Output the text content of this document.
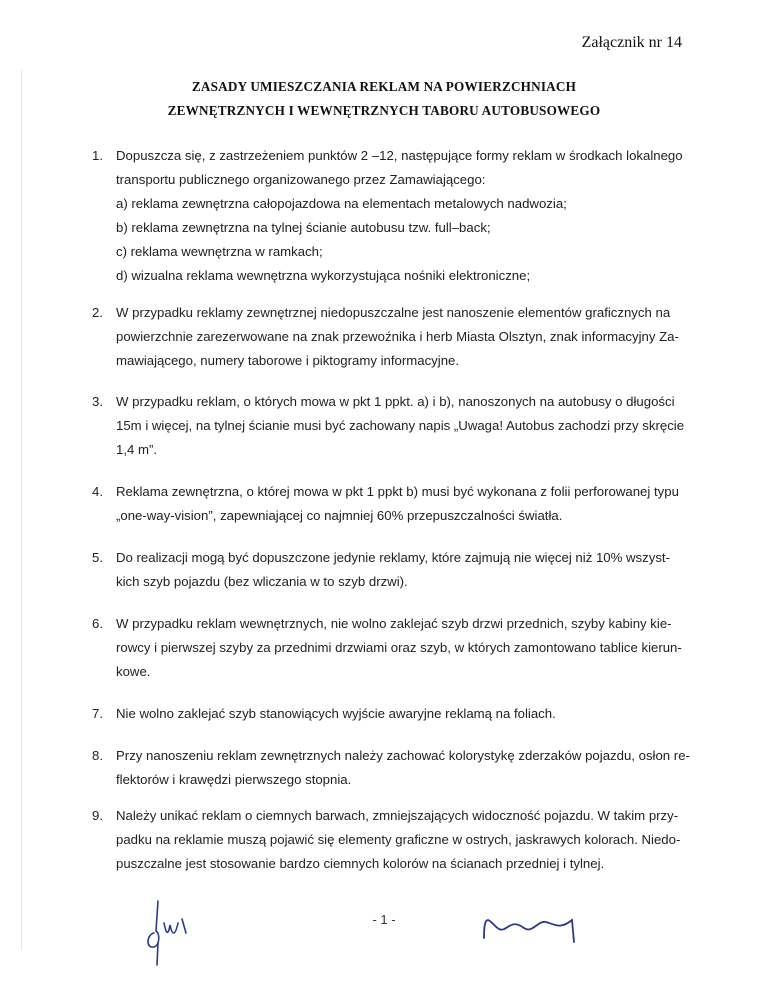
Załącznik nr 14
ZASADY UMIESZCZANIA REKLAM NA POWIERZCHNIACH
ZEWNĘTRZNYCH I WEWNĘTRZNYCH TABORU AUTOBUSOWEGO
1. Dopuszcza się, z zastrzeżeniem punktów 2 –12, następujące formy reklam w środkach lokalnego
transportu publicznego organizowanego przez Zamawiającego:
a) reklama zewnętrzna całopojazdowa na elementach metalowych nadwozia;
b) reklama zewnętrzna na tylnej ścianie autobusu tzw. full–back;
c) reklama wewnętrzna w ramkach;
d) wizualna reklama wewnętrzna wykorzystująca nośniki elektroniczne;
2. W przypadku reklamy zewnętrznej niedopuszczalne jest nanoszenie elementów graficznych na
powierzchnie zarezerwowane na znak przewoźnika i herb Miasta Olsztyn, znak informacyjny Za-
mawiającego, numery taborowe i piktogramy informacyjne.
3. W przypadku reklam, o których mowa w pkt 1 ppkt. a) i b), nanoszonych na autobusy o długości
15m i więcej, na tylnej ścianie musi być zachowany napis „Uwaga! Autobus zachodzi przy skręcie
1,4 m”.
4. Reklama zewnętrzna, o której mowa w pkt 1 ppkt b) musi być wykonana z folii perforowanej typu
„one-way-vision”, zapewniającej co najmniej 60% przepuszczalności światła.
5. Do realizacji mogą być dopuszczone jedynie reklamy, które zajmują nie więcej niż 10% wszyst-
kich szyb pojazdu (bez wliczania w to szyb drzwi).
6. W przypadku reklam wewnętrznych, nie wolno zaklejać szyb drzwi przednich, szyby kabiny kie-
rowcy i pierwszej szyby za przednimi drzwiami oraz szyb, w których zamontowano tablice kierun-
kowe.
7. Nie wolno zaklejać szyb stanowiących wyjście awaryjne reklamą na foliach.
8. Przy nanoszeniu reklam zewnętrznych należy zachować kolorystykę zderzaków pojazdu, osłon re-
flektorów i krawędzi pierwszego stopnia.
9. Należy unikać reklam o ciemnych barwach, zmniejszających widoczność pojazdu. W takim przy-
padku na reklamie muszą pojawić się elementy graficzne w ostrych, jaskrawych kolorach. Niedo-
puszczalne jest stosowanie bardzo ciemnych kolorów na ścianach przedniej i tylnej.
- 1 -
